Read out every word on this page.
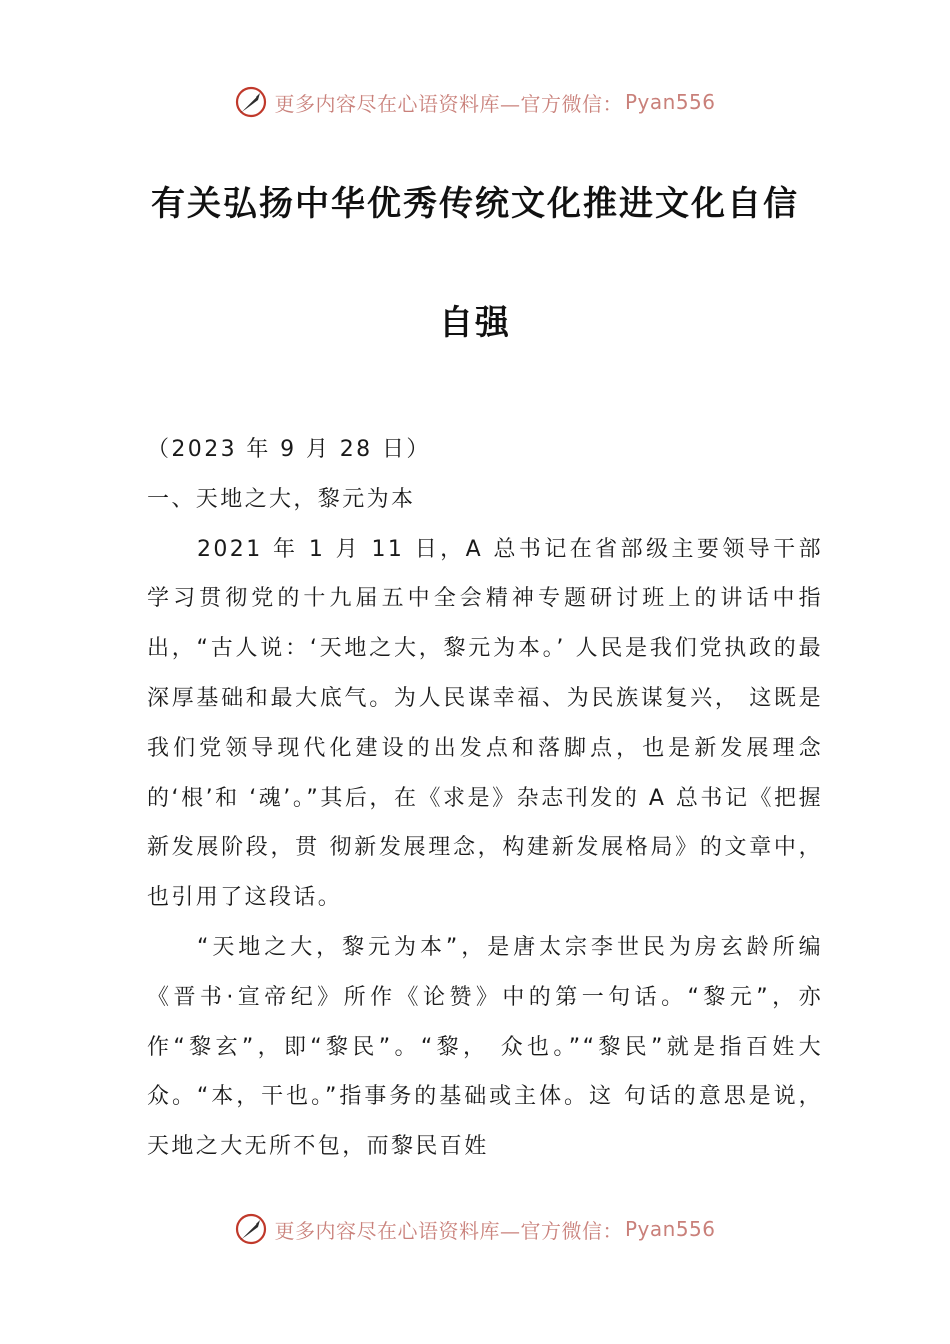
更多内容尽在心语资料库—官方微信： Pyan556
有关弘扬中华优秀传统文化推进文化自信
自强

（2023 年 9 月 28 日）

一、天地之大，黎元为本

2021 年 1 月 11 日，A 总书记在省部级主要领导干部学习贯彻党的十九届五中全会精神专题研讨班上的讲话中指出，“古人说：‘天地之大，黎元为本。’ 人民是我们党执政的最深厚基础和最大底气。为人民谋幸福、为民族谋复兴， 这既是我们党领导现代化建设的出发点和落脚点，也是新发展理念的‘根’和 ‘魂’。”其后，在《求是》杂志刊发的 A 总书记《把握新发展阶段，贯 彻新发展理念，构建新发展格局》的文章中，也引用了这段话。

“天地之大，黎元为本”，是唐太宗李世民为房玄龄所编《晋书·宣帝纪》所作《论赞》中的第一句话。“黎元”，亦作“黎玄”，即“黎民”。“黎， 众也。”“黎民”就是指百姓大众。“本，干也。”指事务的基础或主体。这 句话的意思是说，天地之大无所不包，而黎民百姓

更多内容尽在心语资料库—官方微信： Pyan556
